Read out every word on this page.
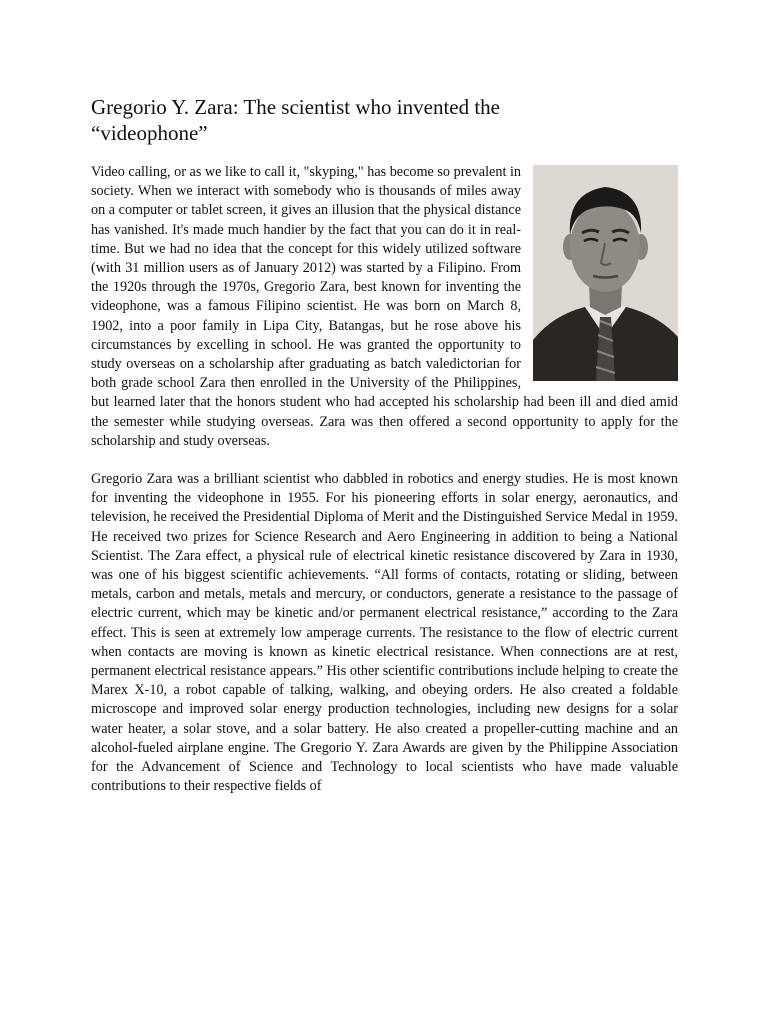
Gregorio Y. Zara: The scientist who invented the
“videophone”

Video calling, or as we like to call it, "skyping," has become so prevalent in society. When we interact with somebody who is thousands of miles away on a computer or tablet screen, it gives an illusion that the physical distance has vanished. It's made much handier by the fact that you can do it in real-time. But we had no idea that the concept for this widely utilized software (with 31 million users as of January 2012) was started by a Filipino. From the 1920s through the 1970s, Gregorio Zara, best known for inventing the videophone, was a famous Filipino scientist. He was born on March 8, 1902, into a poor family in Lipa City, Batangas, but he rose above his circumstances by excelling in school. He was granted the opportunity to study overseas on a scholarship after graduating as batch valedictorian for both grade school Zara then enrolled in the University of the Philippines, but learned later that the honors student who had accepted his scholarship had been ill and died amid the semester while studying overseas. Zara was then offered a second opportunity to apply for the scholarship and study overseas.

Gregorio Zara was a brilliant scientist who dabbled in robotics and energy studies. He is most known for inventing the videophone in 1955. For his pioneering efforts in solar energy, aeronautics, and television, he received the Presidential Diploma of Merit and the Distinguished Service Medal in 1959. He received two prizes for Science Research and Aero Engineering in addition to being a National Scientist. The Zara effect, a physical rule of electrical kinetic resistance discovered by Zara in 1930, was one of his biggest scientific achievements. “All forms of contacts, rotating or sliding, between metals, carbon and metals, metals and mercury, or conductors, generate a resistance to the passage of electric current, which may be kinetic and/or permanent electrical resistance,” according to the Zara effect. This is seen at extremely low amperage currents. The resistance to the flow of electric current when contacts are moving is known as kinetic electrical resistance. When connections are at rest, permanent electrical resistance appears.” His other scientific contributions include helping to create the Marex X-10, a robot capable of talking, walking, and obeying orders. He also created a foldable microscope and improved solar energy production technologies, including new designs for a solar water heater, a solar stove, and a solar battery. He also created a propeller-cutting machine and an alcohol-fueled airplane engine. The Gregorio Y. Zara Awards are given by the Philippine Association for the Advancement of Science and Technology to local scientists who have made valuable contributions to their respective fields of
